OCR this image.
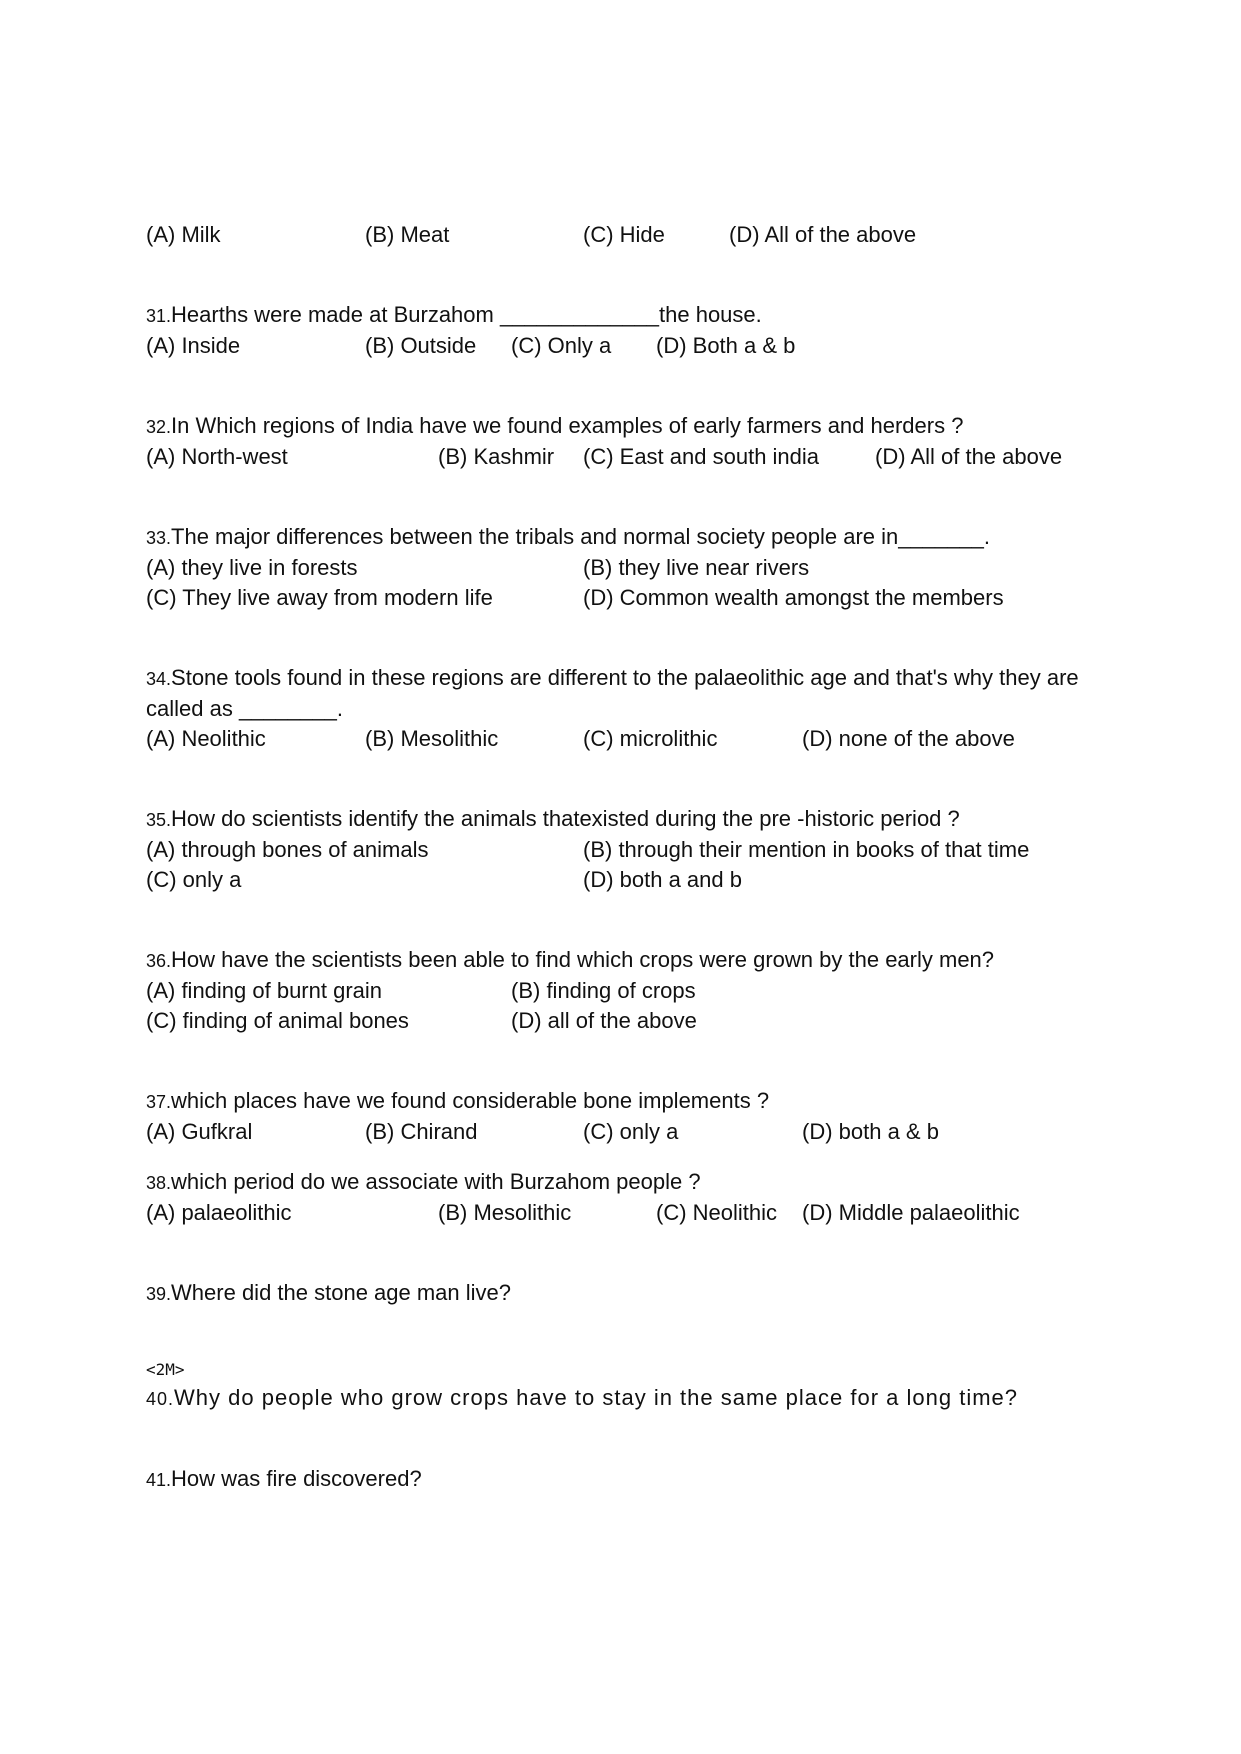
(A) Milk	(B) Meat	(C) Hide	(D) All of the above
31.Hearths were made at Burzahom _____________the house.
(A) Inside	(B) Outside (C) Only a (D) Both a & b
32.In Which regions of India have we found examples of early farmers and herders ?
(A) North-west	(B) Kashmir (C) East and south india	(D) All of the above
33.The major differences between the tribals and normal society people are in_______.
(A) they live in forests	(B) they live near rivers
(C) They live away from modern life	(D) Common wealth amongst the members
34.Stone tools found in these regions are different to the palaeolithic age and that's why they are called as ________.
(A) Neolithic	(B) Mesolithic	(C) microlithic	(D) none of the above
35.How do scientists identify the animals thatexisted during the pre -historic period ?
(A) through bones of animals	(B) through their mention in books of that time
(C) only a	(D) both a and b
36.How have the scientists been able to find which crops were grown by the early men?
(A) finding of burnt grain	(B) finding of crops
(C) finding of animal bones	(D) all of the above
37.which places have we found considerable bone implements ?
(A) Gufkral	(B) Chirand	(C) only a	(D) both a & b
38.which period do we associate with Burzahom people ?
(A) palaeolithic	(B) Mesolithic	(C) Neolithic (D) Middle palaeolithic
39.Where did the stone age man live?
<2M>
40.Why do people who grow crops have to stay in the same place for a long time?
41.How was fire discovered?
